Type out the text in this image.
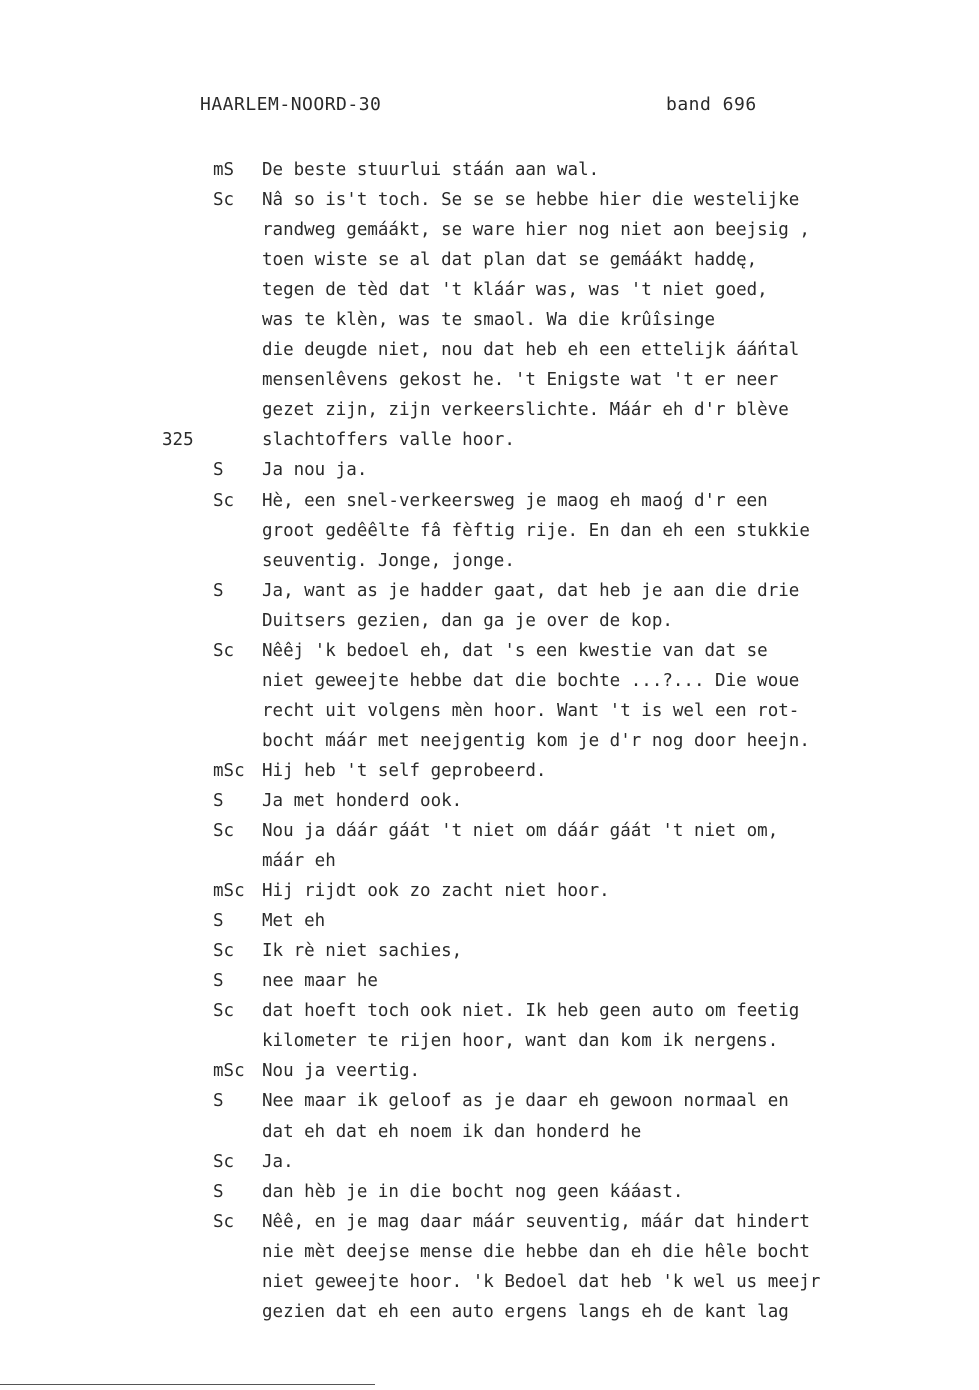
HAARLEM-NOORD-30	band 696
mS De beste stuurlui stáán aan wal.
Sc Nâ so is't toch. Se se se hebbe hier die westelijke
randweg gemáákt, se ware hier nog niet aon beejsig ,
toen wiste se al dat plan dat se gemáákt haddę,
tegen de tèd dat 't kláár was, was 't niet goed,
was te klèn, was te smaol. Wa die krûîsinge
die deugde niet, nou dat heb eh een ettelijk ááńtal
mensenlêvens gekost he. 't Enigste wat 't er neer
gezet zijn, zijn verkeerslichte. Máár eh d'r blève
325	slachtoffers valle hoor.
S Ja nou ja.
Sc Hè, een snel-verkeersweg je maog eh maoǵ d'r een
groot gedêêlte fâ fèftig rije. En dan eh een stukkie
seuventig. Jonge, jonge.
S Ja, want as je hadder gaat, dat heb je aan die drie
Duitsers gezien, dan ga je over de kop.
Sc Nêêj 'k bedoel eh, dat 's een kwestie van dat se
niet geweejte hebbe dat die bochte ...?... Die woue
recht uit volgens mèn hoor. Want 't is wel een rot-
bocht máár met neejgentig kom je d'r nog door heejn.
mSc Hij heb 't self geprobeerd.
S Ja met honderd ook.
Sc Nou ja dáár gáát 't niet om dáár gáát 't niet om,
máár eh
mSc Hij rijdt ook zo zacht niet hoor.
S Met eh
Sc Ik rè niet sachies,
S nee maar he
Sc dat hoeft toch ook niet. Ik heb geen auto om feetig
kilometer te rijen hoor, want dan kom ik nergens.
mSc Nou ja veertig.
S Nee maar ik geloof as je daar eh gewoon normaal en
dat eh dat eh noem ik dan honderd he
Sc Ja.
S dan hèb je in die bocht nog geen kááast.
Sc Nêê, en je mag daar máár seuventig, máár dat hindert
nie mèt deejse mense die hebbe dan eh die hêle bocht
niet geweejte hoor. 'k Bedoel dat heb 'k wel us meejr
gezien dat eh een auto ergens langs eh de kant lag
